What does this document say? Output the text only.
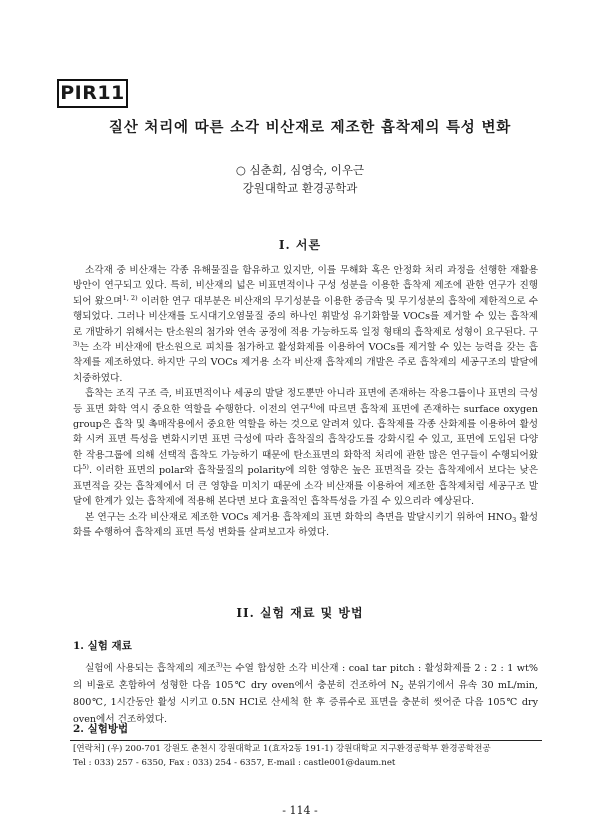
PIR11
질산 처리에 따른 소각 비산재로 제조한 흡착제의 특성 변화
○ 심춘희, 심영숙, 이우근
강원대학교 환경공학과
I. 서론

소각재 중 비산재는 각종 유해물질을 함유하고 있지만, 이를 무해화 혹은 안정화 처리 과정을 선행한 재활용 방안이 연구되고 있다. 특히, 비산재의 넓은 비표면적이나 구성 성분을 이용한 흡착제 제조에 관한 연구가 진행되어 왔으며$^{1, 2)}$ 이러한 연구 대부분은 비산재의 무기성분을 이용한 중금속 및 무기성분의 흡착에 제한적으로 수행되었다. 그러나 비산재를 도시대기오염물질 중의 하나인 휘발성 유기화합물 VOCs를 제거할 수 있는 흡착제로 개발하기 위해서는 탄소원의 첨가와 연속 공정에 적용 가능하도록 일정 형태의 흡착제로 성형이 요구된다. 구$^{3)}$는 소각 비산재에 탄소원으로 피치를 첨가하고 활성화제를 이용하여 VOCs를 제거할 수 있는 능력을 갖는 흡착제를 제조하였다. 하지만 구의 VOCs 제거용 소각 비산재 흡착제의 개발은 주로 흡착제의 세공구조의 발달에 치중하였다.

흡착는 조직 구조 즉, 비표면적이나 세공의 발달 정도뿐만 아니라 표면에 존재하는 작용그룹이나 표면의 극성 등 표면 화학 역시 중요한 역할을 수행한다. 이전의 연구$^{4)}$에 따르면 흡착제 표면에 존재하는 surface oxygen group은 흡착 및 촉매작용에서 중요한 역할을 하는 것으로 알려져 있다. 흡착제를 각종 산화제를 이용하여 활성화 시켜 표면 특성을 변화시키면 표면 극성에 따라 흡착질의 흡착강도를 강화시킬 수 있고, 표면에 도입된 다양한 작용그룹에 의해 선택적 흡착도 가능하기 때문에 탄소표면의 화학적 처리에 관한 많은 연구들이 수행되어왔다$^{5)}$. 이러한 표면의 polar와 흡착물질의 polarity에 의한 영향은 높은 표면적을 갖는 흡착제에서 보다는 낮은 표면적을 갖는 흡착제에서 더 큰 영향을 미치기 때문에 소각 비산재를 이용하여 제조한 흡착제처럼 세공구조 발달에 한계가 있는 흡착제에 적용해 본다면 보다 효율적인 흡착특성을 가질 수 있으리라 예상된다.

본 연구는 소각 비산재로 제조한 VOCs 제거용 흡착제의 표면 화학의 측면을 발달시키기 위하여 $HNO_3$ 활성화를 수행하여 흡착제의 표면 특성 변화를 살펴보고자 하였다.

II. 실험 재료 및 방법
1. 실험 재료

실험에 사용되는 흡착제의 제조$^{3)}$는 수열 합성한 소각 비산재 : coal tar pitch : 활성화제를 2 : 2 : 1 wt%의 비율로 혼합하여 성형한 다음 105℃ dry oven에서 충분히 건조하여 $N_2$ 분위기에서 유속 30 mL/min, 800℃, 1시간동안 활성 시키고 0.5N HCl로 산세척 한 후 증류수로 표면을 충분히 씻어준 다음 105℃ dry oven에서 건조하였다.

2. 실험방법
[연락처] (우) 200-701 강원도 춘천시 강원대학교 1(효자2동 191-1) 강원대학교 지구환경공학부 환경공학전공
Tel : 033) 257 - 6350, Fax : 033) 254 - 6357, E-mail : castle001@daum.net
- 114 -
